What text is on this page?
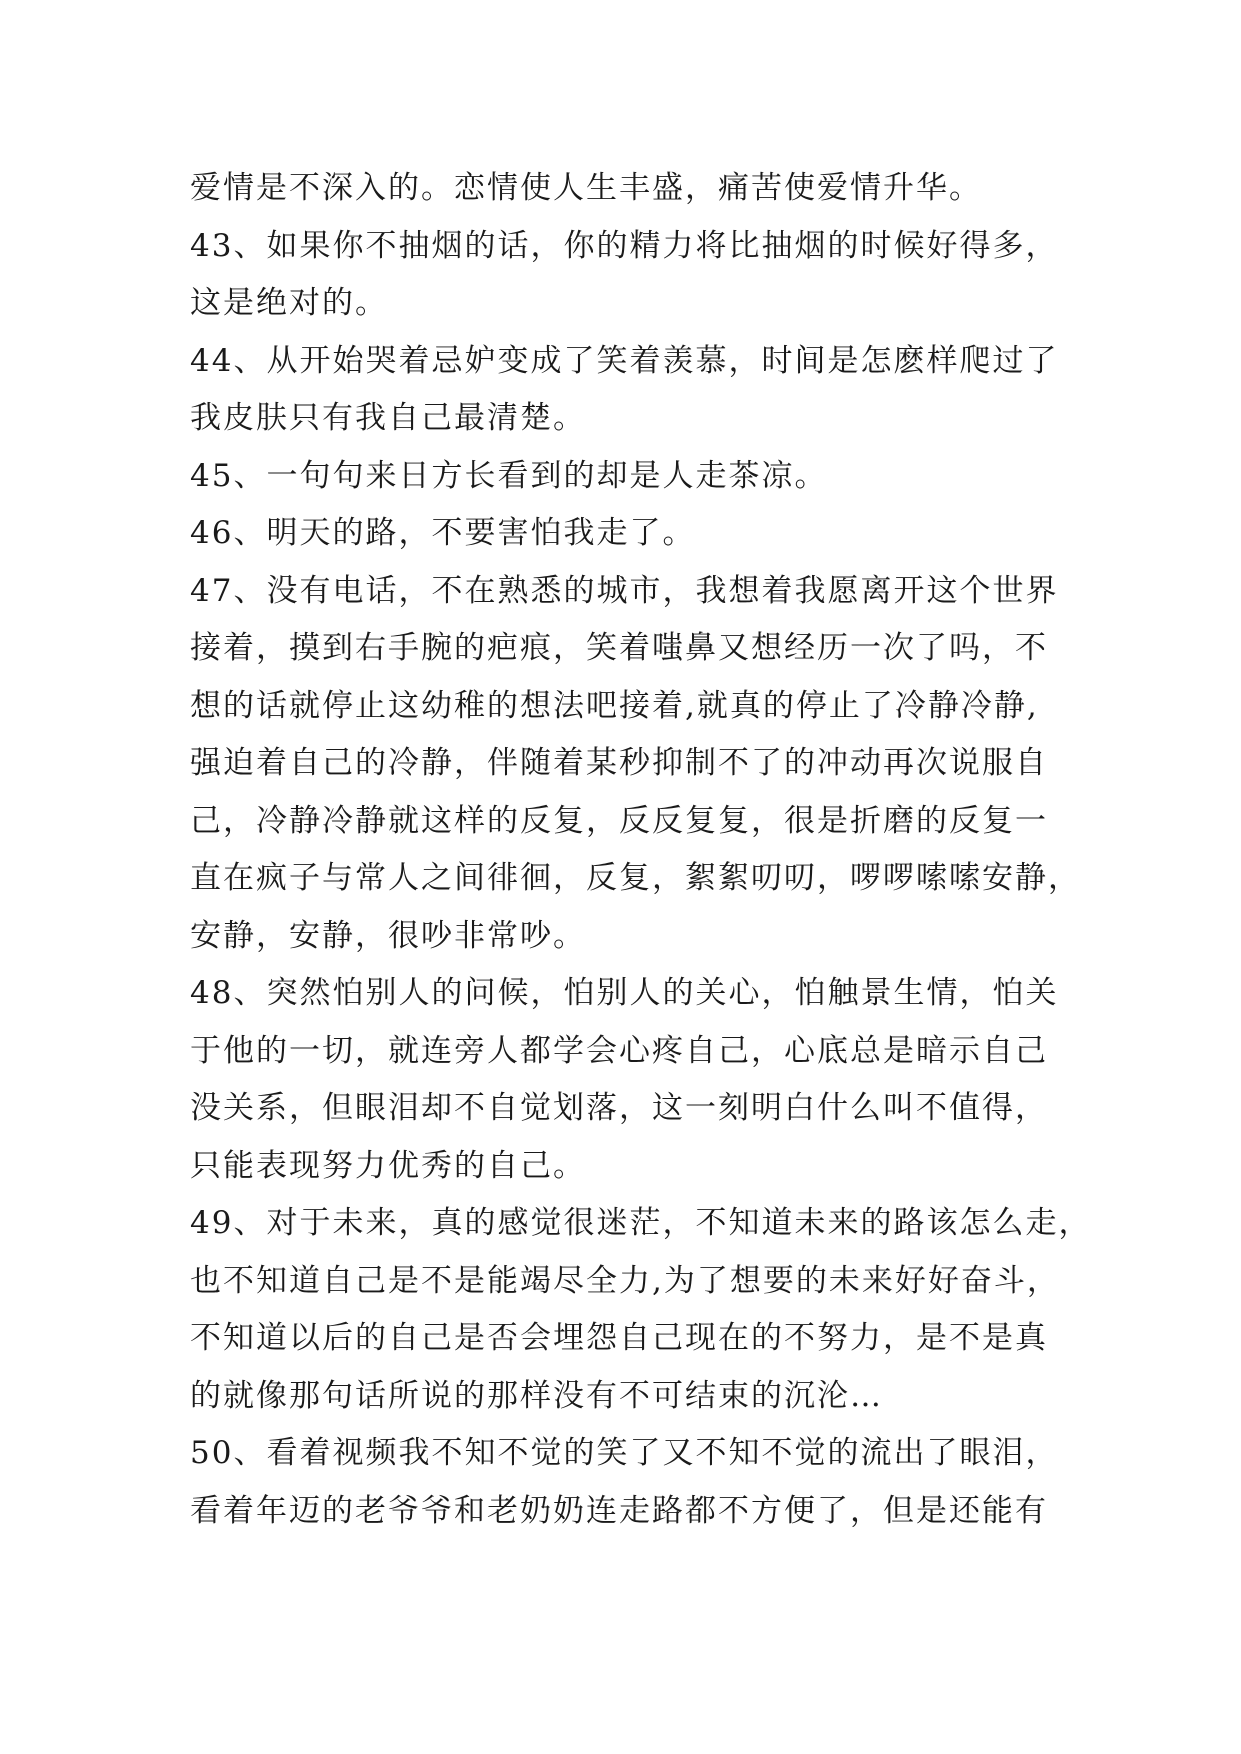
爱情是不深入的。恋情使人生丰盛，痛苦使爱情升华。
43、如果你不抽烟的话，你的精力将比抽烟的时候好得多，
这是绝对的。
44、从开始哭着忌妒变成了笑着羡慕，时间是怎麽样爬过了
我皮肤只有我自己最清楚。
45、一句句来日方长看到的却是人走茶凉。
46、明天的路，不要害怕我走了。
47、没有电话，不在熟悉的城市，我想着我愿离开这个世界
接着，摸到右手腕的疤痕，笑着嗤鼻又想经历一次了吗，不
想的话就停止这幼稚的想法吧接着,就真的停止了冷静冷静,
强迫着自己的冷静，伴随着某秒抑制不了的冲动再次说服自
己，冷静冷静就这样的反复，反反复复，很是折磨的反复一
直在疯子与常人之间徘徊，反复，絮絮叨叨，啰啰嗦嗦安静，
安静，安静，很吵非常吵。
48、突然怕别人的问候，怕别人的关心，怕触景生情，怕关
于他的一切，就连旁人都学会心疼自己，心底总是暗示自己
没关系，但眼泪却不自觉划落，这一刻明白什么叫不值得，
只能表现努力优秀的自己。
49、对于未来，真的感觉很迷茫，不知道未来的路该怎么走，
也不知道自己是不是能竭尽全力,为了想要的未来好好奋斗，
不知道以后的自己是否会埋怨自己现在的不努力，是不是真
的就像那句话所说的那样没有不可结束的沉沦…
50、看着视频我不知不觉的笑了又不知不觉的流出了眼泪，
看着年迈的老爷爷和老奶奶连走路都不方便了，但是还能有
